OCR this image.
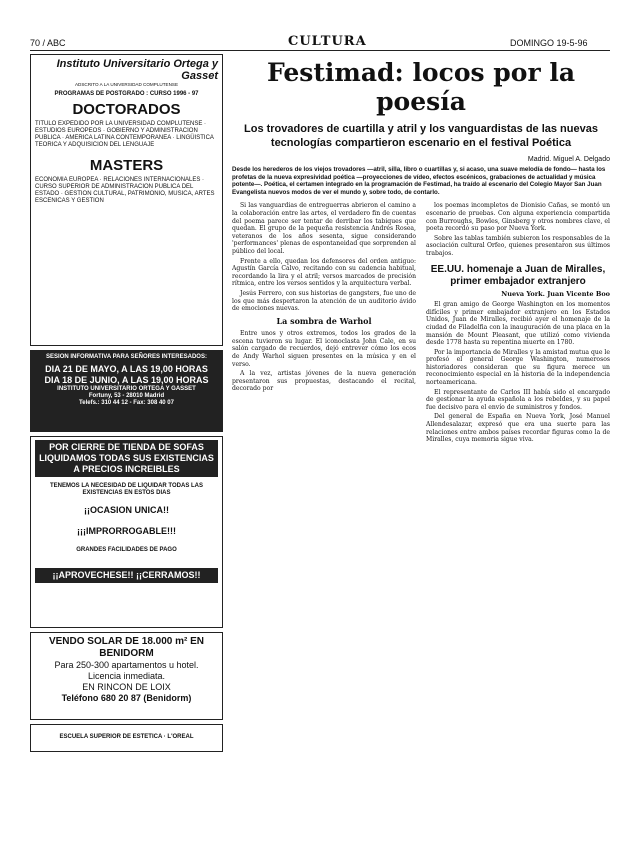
70 / ABC	CULTURA	DOMINGO 19-5-96
Instituto Universitario Ortega y Gasset
ADSCRITO A LA UNIVERSIDAD COMPLUTENSE
PROGRAMAS DE POSTGRADO : CURSO 1996 - 97
DOCTORADOS
TITULO EXPEDIDO POR LA UNIVERSIDAD COMPLUTENSE · ESTUDIOS EUROPEOS · GOBIERNO Y ADMINISTRACION PUBLICA · AMERICA LATINA CONTEMPORANEA · LINGÜISTICA TEORICA Y ADQUISICION DEL LENGUAJE
MASTERS
ECONOMIA EUROPEA · RELACIONES INTERNACIONALES · CURSO SUPERIOR DE ADMINISTRACION PUBLICA DEL ESTADO · GESTION CULTURAL, PATRIMONIO, MUSICA, ARTES ESCENICAS Y GESTION
SESION INFORMATIVA PARA SEÑORES INTERESADOS:
DIA 21 DE MAYO, A LAS 19,00 HORAS
DIA 18 DE JUNIO, A LAS 19,00 HORAS
INSTITUTO UNIVERSITARIO ORTEGA Y GASSET
Fortuny, 53 - 28010 Madrid
Telefs.: 310 44 12 - Fax: 308 40 07
POR CIERRE DE TIENDA DE SOFAS LIQUIDAMOS TODAS SUS EXISTENCIAS A PRECIOS INCREIBLES
TENEMOS LA NECESIDAD DE LIQUIDAR TODAS LAS EXISTENCIAS EN ESTOS DIAS
¡¡OCASION UNICA!!
¡¡¡IMPRORROGABLE!!!
GRANDES FACILIDADES DE PAGO
¡¡APROVECHESE!! ¡¡CERRAMOS!!
VENDO SOLAR DE 18.000 m² EN BENIDORM
Para 250-300 apartamentos u hotel.
Licencia inmediata.
EN RINCON DE LOIX
Teléfono 680 20 87 (Benidorm)
ESCUELA SUPERIOR DE ESTETICA · L'OREAL
Festimad: locos por la poesía
Los trovadores de cuartilla y atril y los vanguardistas de las nuevas tecnologías compartieron escenario en el festival Poética
Madrid. Miguel A. Delgado
Desde los herederos de los viejos trovadores —atril, silla, libro o cuartillas y, si acaso, una suave melodía de fondo— hasta los profetas de la nueva expresividad poética —proyecciones de vídeo, efectos escénicos, grabaciones de actualidad y música potente—. Poética, el certamen integrado en la programación de Festimad, ha traído al escenario del Colegio Mayor San Juan Evangelista nuevos modos de ver el mundo y, sobre todo, de contarlo.

Si las vanguardias de entreguerras abrieron el camino a la colaboración entre las artes, el verdadero fin de cuentas del poema parece ser tentar de derribar los tabiques que quedan. El grupo de la pequeña resistencia Andrés Rosea, veteranos de los años sesenta, sigue considerando 'performances' plenas de espontaneidad que sorprenden al público del local.

Frente a ello, quedan los defensores del orden antiguo: Agustín García Calvo, recitando con su cadencia habitual, recordando la lira y el atril; versos marcados de precisión rítmica, entre los versos sentidos y la arquitectura verbal.

Jesús Ferrero, con sus historias de gangsters, fue uno de los que más despertaron la atención de un auditorio ávido de emociones nuevas.

La sombra de Warhol

Entre unos y otros extremos, todos los grados de la escena tuvieron su lugar. El iconoclasta John Cale, en su salón cargado de recuerdos, dejó entrever cómo los ecos de Andy Warhol siguen presentes en la música y en el verso.

A la vez, artistas jóvenes de la nueva generación presentaron sus propuestas, destacando el recital, decorado por

los poemas incompletos de Dionisio Cañas, se montó un escenario de pruebas. Con alguna experiencia compartida con Burroughs, Bowles, Ginsberg y otros nombres clave, el poeta recordó su paso por Nueva York.

Sobre las tablas también subieron los responsables de la asociación cultural Orfeo, quienes presentaron sus últimos trabajos.

EE.UU. homenaje a Juan de Miralles, primer embajador extranjero
Nueva York. Juan Vicente Boo

El gran amigo de George Washington en los momentos difíciles y primer embajador extranjero en los Estados Unidos, Juan de Miralles, recibió ayer el homenaje de la ciudad de Filadelfia con la inauguración de una placa en la mansión de Mount Pleasant, que utilizó como vivienda desde 1778 hasta su repentina muerte en 1780.

Por la importancia de Miralles y la amistad mutua que le profesó el general George Washington, numerosos historiadores consideran que su figura merece un reconocimiento especial en la historia de la independencia norteamericana.

El representante de Carlos III había sido el encargado de gestionar la ayuda española a los rebeldes, y su papel fue decisivo para el envío de suministros y fondos.

Del general de España en Nueva York, José Manuel Allendesalazar, expresó que era una suerte para las relaciones entre ambos países recordar figuras como la de Miralles, cuya memoria sigue viva.
